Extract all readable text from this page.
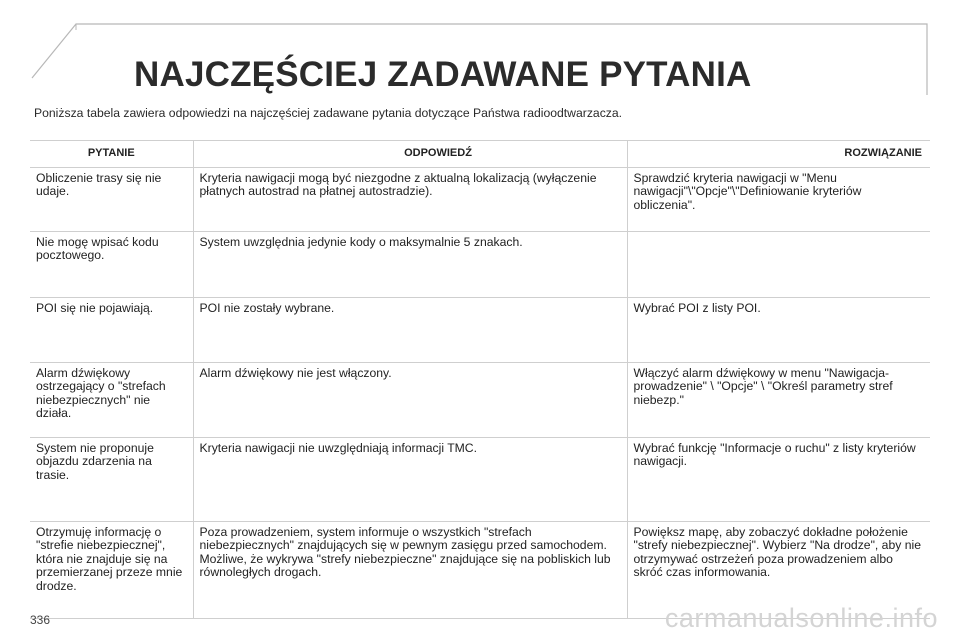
NAJCZĘŚCIEJ ZADAWANE PYTANIA

Poniższa tabela zawiera odpowiedzi na najczęściej zadawane pytania dotyczące Państwa radioodtwarzacza.

PYTANIE	ODPOWIEDŹ	ROZWIĄZANIE
Obliczenie trasy się nie udaje.	Kryteria nawigacji mogą być niezgodne z aktualną lokalizacją (wyłączenie płatnych autostrad na płatnej autostradzie).	Sprawdzić kryteria nawigacji w "Menu nawigacji"\"Opcje"\"Definiowanie kryteriów obliczenia".
Nie mogę wpisać kodu pocztowego.	System uwzględnia jedynie kody o maksymalnie 5 znakach.	
POI się nie pojawiają.	POI nie zostały wybrane.	Wybrać POI z listy POI.
Alarm dźwiękowy ostrzegający o "strefach niebezpiecznych" nie działa.	Alarm dźwiękowy nie jest włączony.	Włączyć alarm dźwiękowy w menu "Nawigacja-prowadzenie" \ "Opcje" \ "Określ parametry stref niebezp."
System nie proponuje objazdu zdarzenia na trasie.	Kryteria nawigacji nie uwzględniają informacji TMC.	Wybrać funkcję "Informacje o ruchu" z listy kryteriów nawigacji.
Otrzymuję informację o "strefie niebezpiecznej", która nie znajduje się na przemierzanej przeze mnie drodze.	Poza prowadzeniem, system informuje o wszystkich "strefach niebezpiecznych" znajdujących się w pewnym zasięgu przed samochodem. Możliwe, że wykrywa "strefy niebezpieczne" znajdujące się na pobliskich lub równoległych drogach.	Powiększ mapę, aby zobaczyć dokładne położenie "strefy niebezpiecznej". Wybierz "Na drodze", aby nie otrzymywać ostrzeżeń poza prowadzeniem albo skróć czas informowania.

336	carmanualsonline.info
